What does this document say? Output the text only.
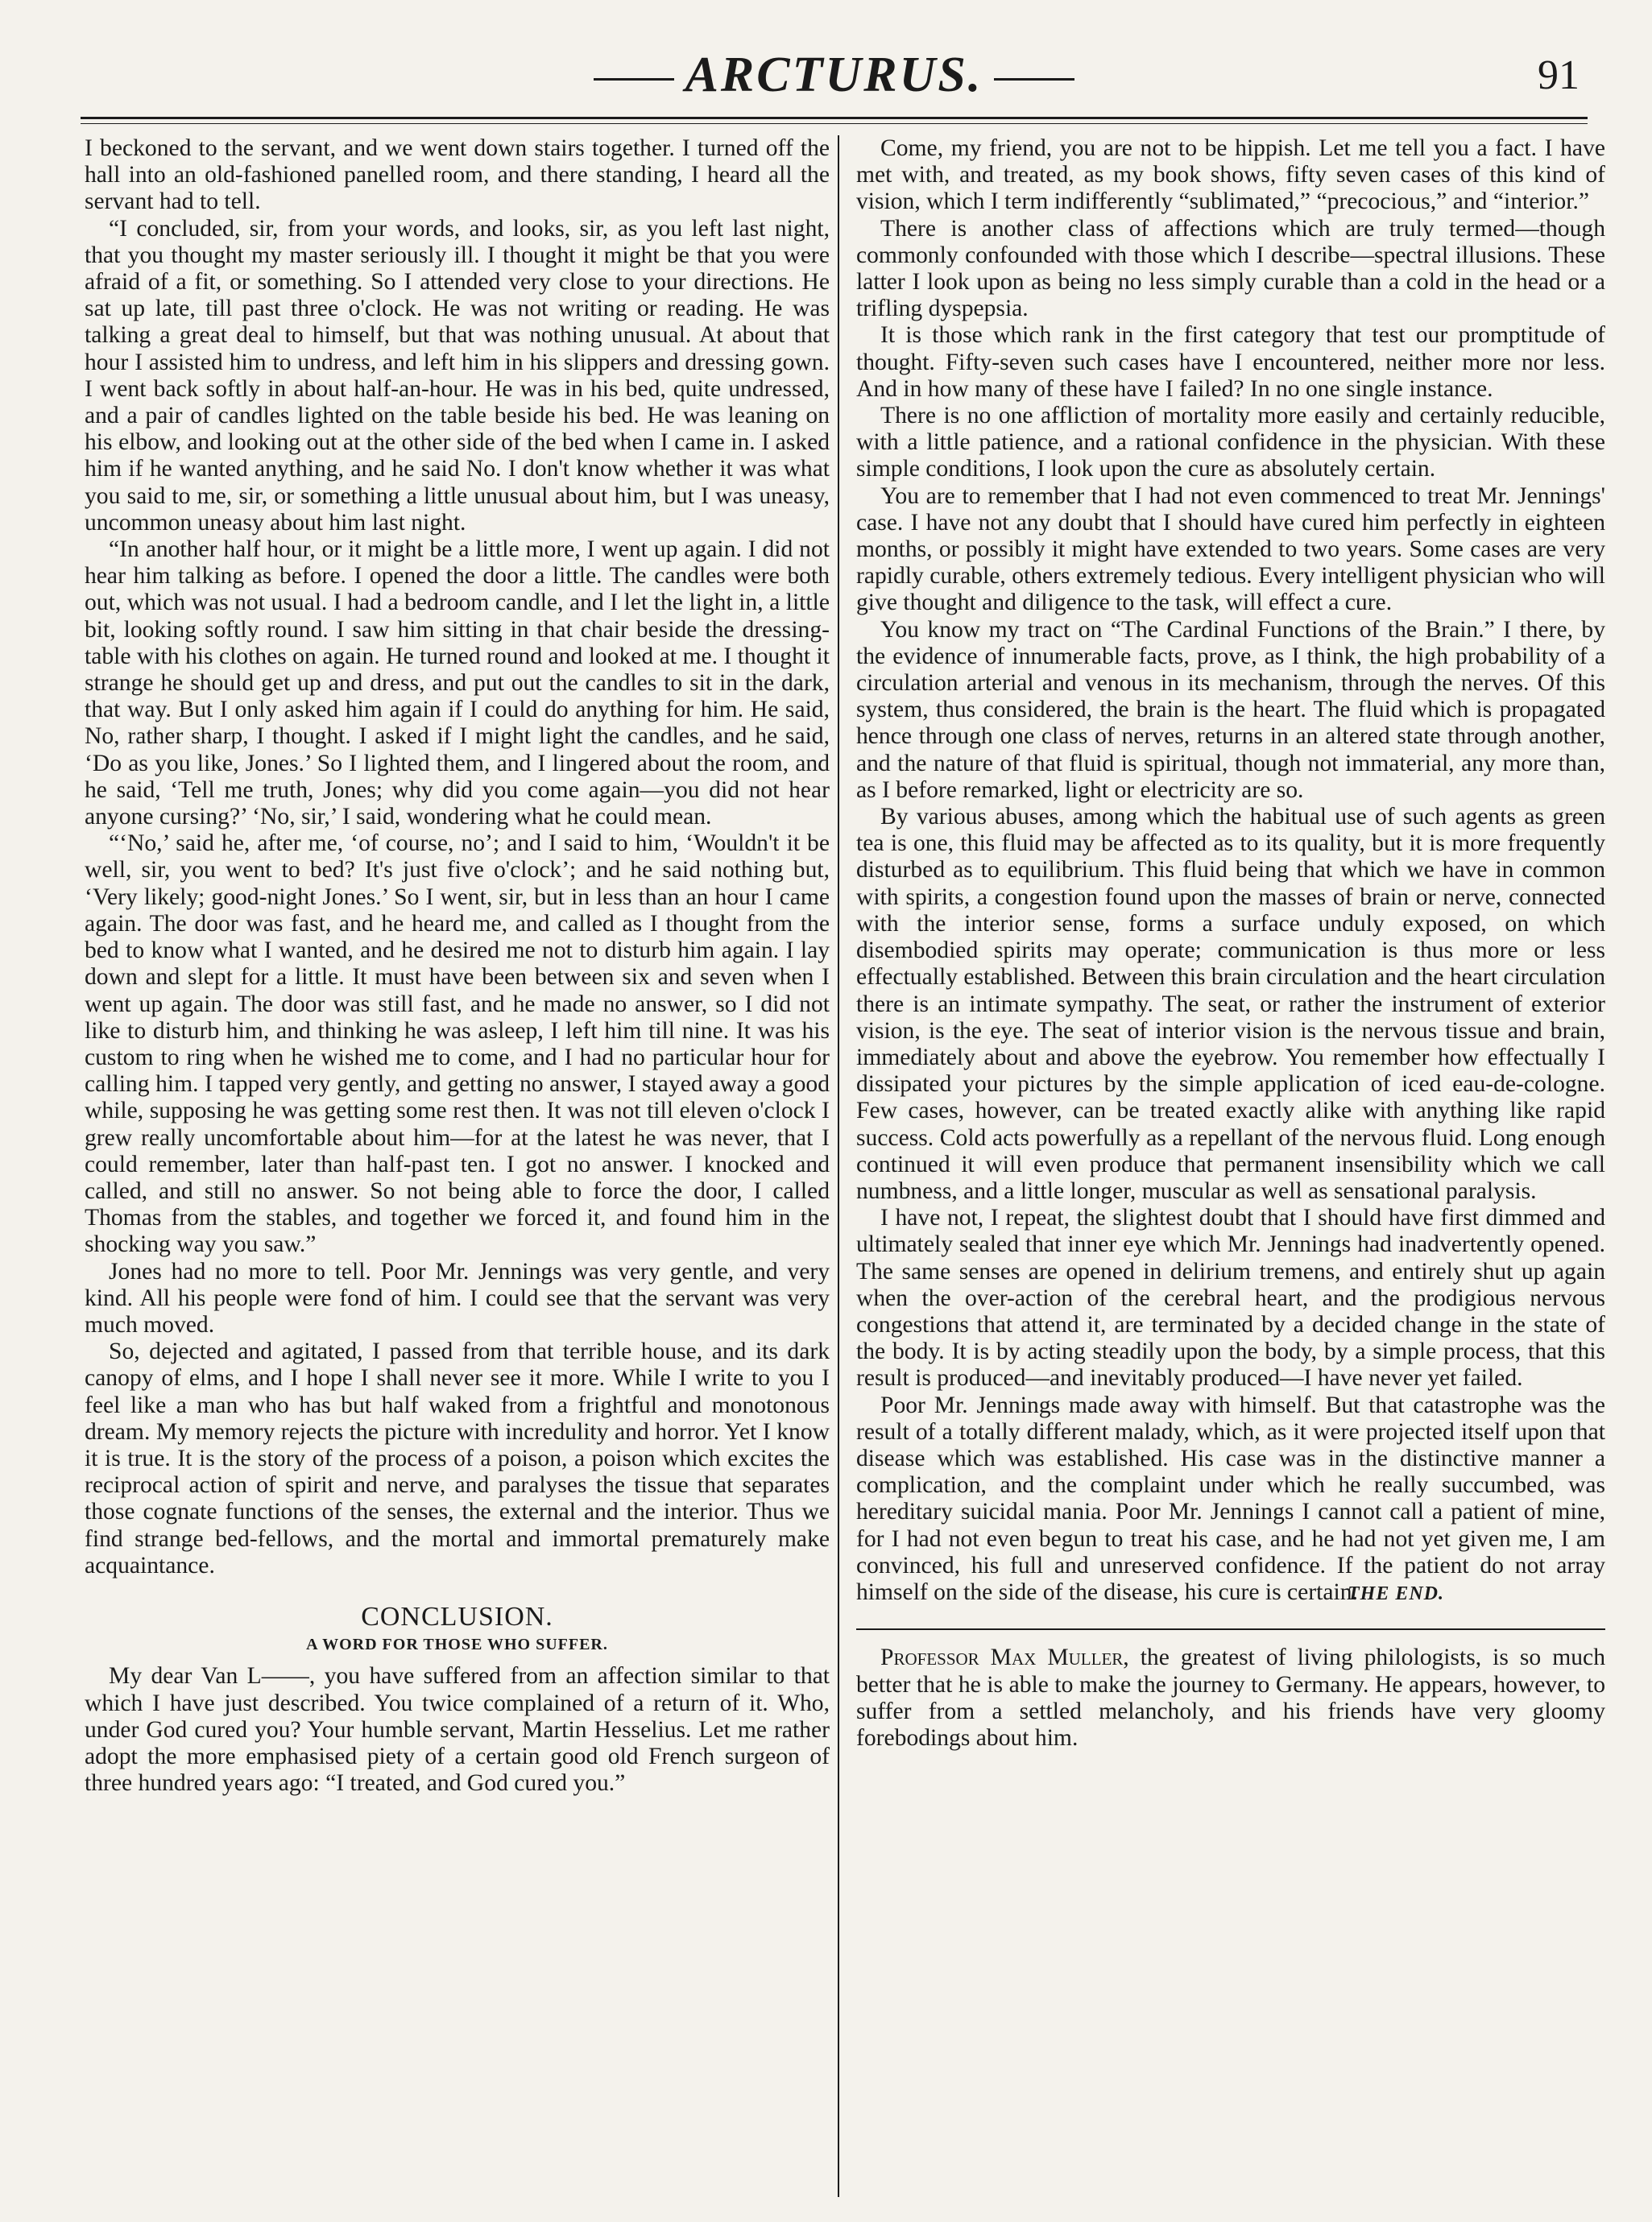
ARCTURUS.	91

I beckoned to the servant, and we went down stairs together. I turned off the hall into an old-fashioned panelled room, and there standing, I heard all the servant had to tell.

“I concluded, sir, from your words, and looks, sir, as you left last night, that you thought my master seriously ill. I thought it might be that you were afraid of a fit, or something. So I attended very close to your directions. He sat up late, till past three o'clock. He was not writing or reading. He was talking a great deal to himself, but that was nothing unusual. At about that hour I assisted him to undress, and left him in his slippers and dressing gown. I went back softly in about half-an-hour. He was in his bed, quite undressed, and a pair of candles lighted on the table beside his bed. He was leaning on his elbow, and looking out at the other side of the bed when I came in. I asked him if he wanted anything, and he said No. I don't know whether it was what you said to me, sir, or something a little unusual about him, but I was uneasy, uncommon uneasy about him last night.

“In another half hour, or it might be a little more, I went up again. I did not hear him talking as before. I opened the door a little. The candles were both out, which was not usual. I had a bedroom candle, and I let the light in, a little bit, looking softly round. I saw him sitting in that chair beside the dressing-table with his clothes on again. He turned round and looked at me. I thought it strange he should get up and dress, and put out the candles to sit in the dark, that way. But I only asked him again if I could do anything for him. He said, No, rather sharp, I thought. I asked if I might light the candles, and he said, ‘Do as you like, Jones.’ So I lighted them, and I lingered about the room, and he said, ‘Tell me truth, Jones; why did you come again—you did not hear anyone cursing?’ ‘No, sir,’ I said, wondering what he could mean.

“‘No,’ said he, after me, ‘of course, no’; and I said to him, ‘Wouldn't it be well, sir, you went to bed? It's just five o'clock’; and he said nothing but, ‘Very likely; good-night Jones.’ So I went, sir, but in less than an hour I came again. The door was fast, and he heard me, and called as I thought from the bed to know what I wanted, and he desired me not to disturb him again. I lay down and slept for a little. It must have been between six and seven when I went up again. The door was still fast, and he made no answer, so I did not like to disturb him, and thinking he was asleep, I left him till nine. It was his custom to ring when he wished me to come, and I had no particular hour for calling him. I tapped very gently, and getting no answer, I stayed away a good while, supposing he was getting some rest then. It was not till eleven o'clock I grew really uncomfortable about him—for at the latest he was never, that I could remember, later than half-past ten. I got no answer. I knocked and called, and still no answer. So not being able to force the door, I called Thomas from the stables, and together we forced it, and found him in the shocking way you saw.”

Jones had no more to tell. Poor Mr. Jennings was very gentle, and very kind. All his people were fond of him. I could see that the servant was very much moved.

So, dejected and agitated, I passed from that terrible house, and its dark canopy of elms, and I hope I shall never see it more. While I write to you I feel like a man who has but half waked from a frightful and monotonous dream. My memory rejects the picture with incredulity and horror. Yet I know it is true. It is the story of the process of a poison, a poison which excites the reciprocal action of spirit and nerve, and paralyses the tissue that separates those cognate functions of the senses, the external and the interior. Thus we find strange bed-fellows, and the mortal and immortal prematurely make acquaintance.

CONCLUSION.
A WORD FOR THOSE WHO SUFFER.

My dear Van L——, you have suffered from an affection similar to that which I have just described. You twice complained of a return of it. Who, under God cured you? Your humble servant, Martin Hesselius. Let me rather adopt the more emphasised piety of a certain good old French surgeon of three hundred years ago: “I treated, and God cured you.”

Come, my friend, you are not to be hippish. Let me tell you a fact. I have met with, and treated, as my book shows, fifty seven cases of this kind of vision, which I term indifferently “sublimated,” “precocious,” and “interior.”

There is another class of affections which are truly termed—though commonly confounded with those which I describe—spectral illusions. These latter I look upon as being no less simply curable than a cold in the head or a trifling dyspepsia.

It is those which rank in the first category that test our promptitude of thought. Fifty-seven such cases have I encountered, neither more nor less. And in how many of these have I failed? In no one single instance.

There is no one affliction of mortality more easily and certainly reducible, with a little patience, and a rational confidence in the physician. With these simple conditions, I look upon the cure as absolutely certain.

You are to remember that I had not even commenced to treat Mr. Jennings' case. I have not any doubt that I should have cured him perfectly in eighteen months, or possibly it might have extended to two years. Some cases are very rapidly curable, others extremely tedious. Every intelligent physician who will give thought and diligence to the task, will effect a cure.

You know my tract on “The Cardinal Functions of the Brain.” I there, by the evidence of innumerable facts, prove, as I think, the high probability of a circulation arterial and venous in its mechanism, through the nerves. Of this system, thus considered, the brain is the heart. The fluid which is propagated hence through one class of nerves, returns in an altered state through another, and the nature of that fluid is spiritual, though not immaterial, any more than, as I before remarked, light or electricity are so.

By various abuses, among which the habitual use of such agents as green tea is one, this fluid may be affected as to its quality, but it is more frequently disturbed as to equilibrium. This fluid being that which we have in common with spirits, a congestion found upon the masses of brain or nerve, connected with the interior sense, forms a surface unduly exposed, on which disembodied spirits may operate; communication is thus more or less effectually established. Between this brain circulation and the heart circulation there is an intimate sympathy. The seat, or rather the instrument of exterior vision, is the eye. The seat of interior vision is the nervous tissue and brain, immediately about and above the eyebrow. You remember how effectually I dissipated your pictures by the simple application of iced eau-de-cologne. Few cases, however, can be treated exactly alike with anything like rapid success. Cold acts powerfully as a repellant of the nervous fluid. Long enough continued it will even produce that permanent insensibility which we call numbness, and a little longer, muscular as well as sensational paralysis.

I have not, I repeat, the slightest doubt that I should have first dimmed and ultimately sealed that inner eye which Mr. Jennings had inadvertently opened. The same senses are opened in delirium tremens, and entirely shut up again when the over-action of the cerebral heart, and the prodigious nervous congestions that attend it, are terminated by a decided change in the state of the body. It is by acting steadily upon the body, by a simple process, that this result is produced—and inevitably produced—I have never yet failed.

Poor Mr. Jennings made away with himself. But that catastrophe was the result of a totally different malady, which, as it were projected itself upon that disease which was established. His case was in the distinctive manner a complication, and the complaint under which he really succumbed, was hereditary suicidal mania. Poor Mr. Jennings I cannot call a patient of mine, for I had not even begun to treat his case, and he had not yet given me, I am convinced, his full and unreserved confidence. If the patient do not array himself on the side of the disease, his cure is certain.

THE END.

Professor Max Muller, the greatest of living philologists, is so much better that he is able to make the journey to Germany. He appears, however, to suffer from a settled melancholy, and his friends have very gloomy forebodings about him.
